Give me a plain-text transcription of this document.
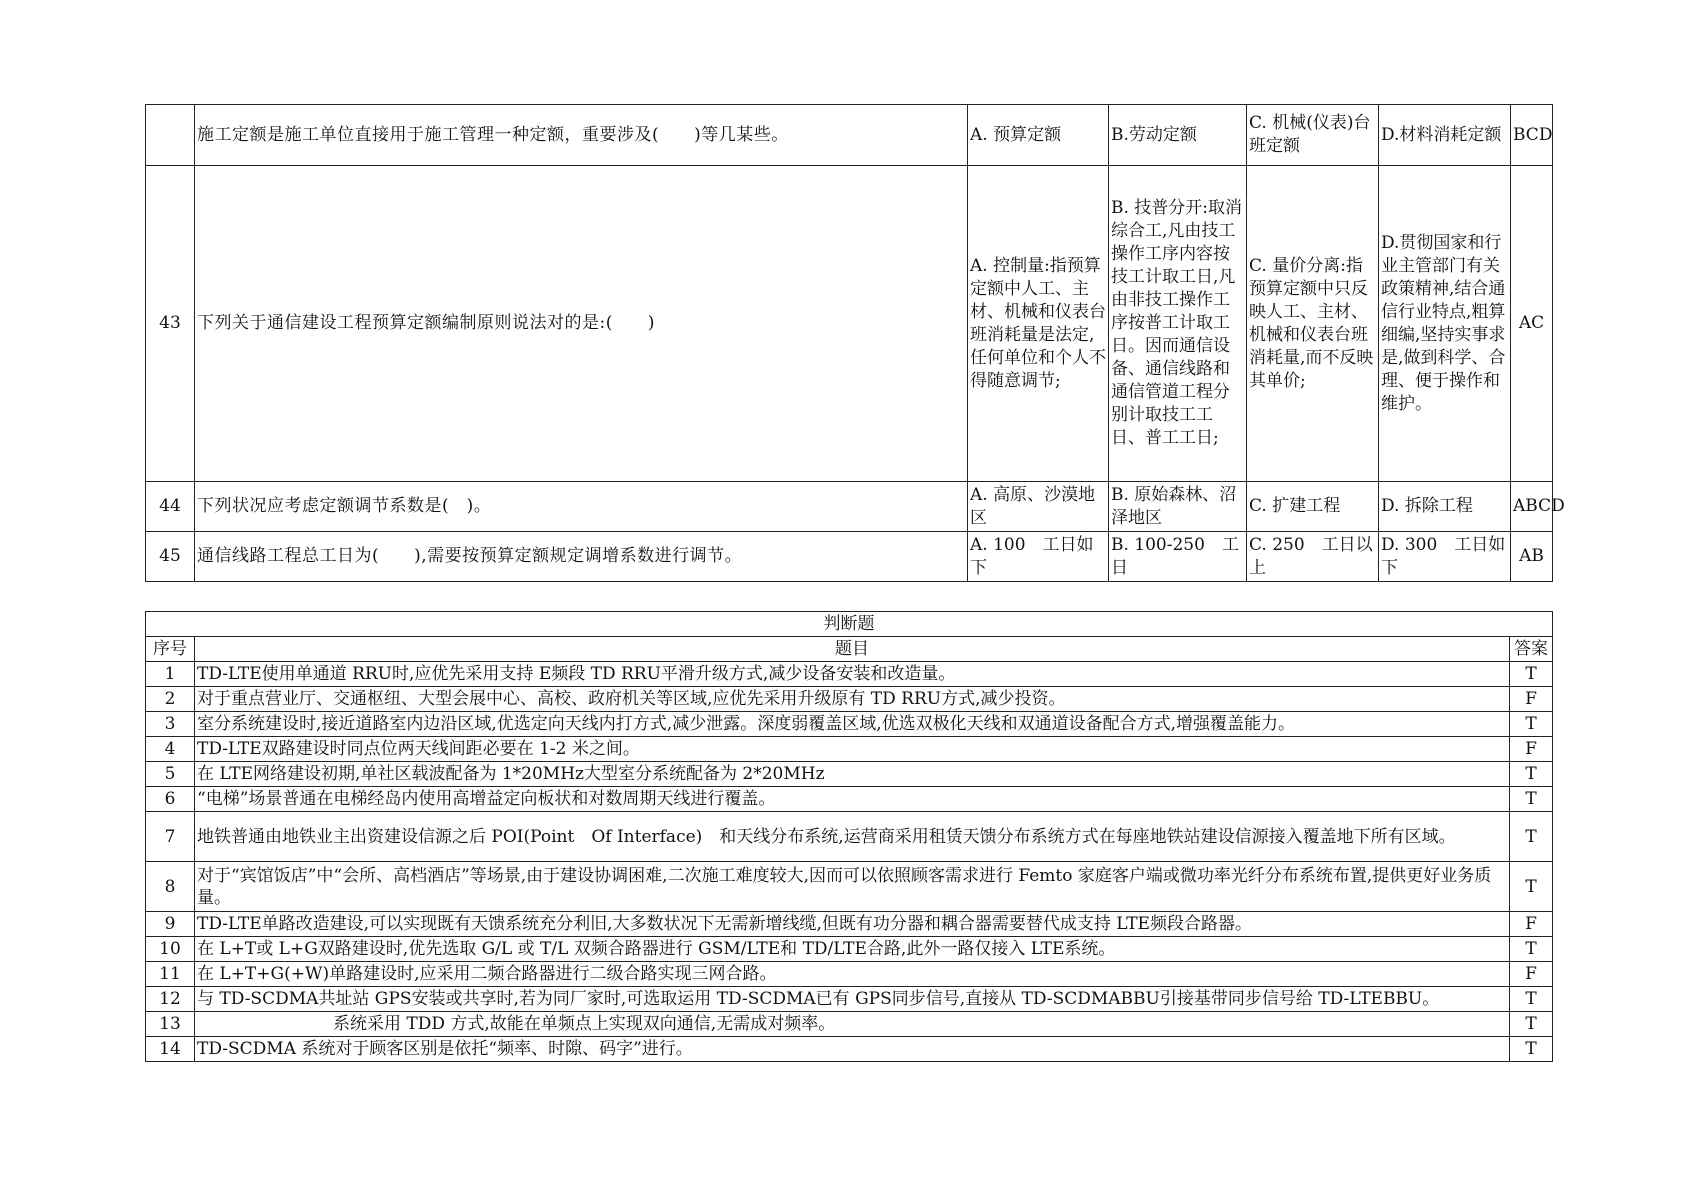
	施工定额是施工单位直接用于施工管理一种定额，重要涉及(　　)等几某些。	A. 预算定额	B.劳动定额	C. 机械(仪表)台班定额	D.材料消耗定额	BCD
43	下列关于通信建设工程预算定额编制原则说法对的是:(　　)	A. 控制量:指预算定额中人工、主材、机械和仪表台班消耗量是法定,任何单位和个人不得随意调节;	B. 技普分开:取消综合工,凡由技工操作工序内容按技工计取工日,凡由非技工操作工序按普工计取工日。因而通信设备、通信线路和通信管道工程分别计取技工工日、普工工日;	C. 量价分离:指预算定额中只反映人工、主材、机械和仪表台班消耗量,而不反映其单价;	D.贯彻国家和行业主管部门有关政策精神,结合通信行业特点,粗算细编,坚持实事求是,做到科学、合理、便于操作和维护。	AC
44	下列状况应考虑定额调节系数是(　)。	A. 高原、沙漠地区	B. 原始森林、沼泽地区	C. 扩建工程	D. 拆除工程	ABCD
45	通信线路工程总工日为(　　),需要按预算定额规定调增系数进行调节。	A. 100　工日如下	B. 100-250　工日	C. 250　工日以上	D. 300　工日如下	AB
判断题		
序号	题目	答案
1	TD-LTE使用单通道 RRU时,应优先采用支持 E频段 TD RRU平滑升级方式,减少设备安装和改造量。	T
2	对于重点营业厅、交通枢纽、大型会展中心、高校、政府机关等区域,应优先采用升级原有 TD RRU方式,减少投资。	F
3	室分系统建设时,接近道路室内边沿区域,优选定向天线内打方式,减少泄露。深度弱覆盖区域,优选双极化天线和双通道设备配合方式,增强覆盖能力。	T
4	TD-LTE双路建设时同点位两天线间距必要在 1-2 米之间。	F
5	在 LTE网络建设初期,单社区载波配备为 1*20MHz大型室分系统配备为 2*20MHz	T
6	“电梯”场景普通在电梯经岛内使用高增益定向板状和对数周期天线进行覆盖。	T
7	地铁普通由地铁业主出资建设信源之后 POI(Point　Of Interface)　和天线分布系统,运营商采用租赁天馈分布系统方式在每座地铁站建设信源接入覆盖地下所有区域。	T
8	对于“宾馆饭店”中“会所、高档酒店”等场景,由于建设协调困难,二次施工难度较大,因而可以依照顾客需求进行 Femto 家庭客户端或微功率光纤分布系统布置,提供更好业务质量。	T
9	TD-LTE单路改造建设,可以实现既有天馈系统充分利旧,大多数状况下无需新增线缆,但既有功分器和耦合器需要替代成支持 LTE频段合路器。	F
10	在 L+T或 L+G双路建设时,优先选取 G/L 或 T/L 双频合路器进行 GSM/LTE和 TD/LTE合路,此外一路仅接入 LTE系统。	T
11	在 L+T+G(+W)单路建设时,应采用二频合路器进行二级合路实现三网合路。	F
12	与 TD-SCDMA共址站 GPS安装或共享时,若为同厂家时,可选取运用 TD-SCDMA已有 GPS同步信号,直接从 TD-SCDMABBU引接基带同步信号给 TD-LTEBBU。	T
13	　　　　　　　　系统采用 TDD 方式,故能在单频点上实现双向通信,无需成对频率。	T
14	TD-SCDMA 系统对于顾客区别是依托“频率、时隙、码字”进行。	T
